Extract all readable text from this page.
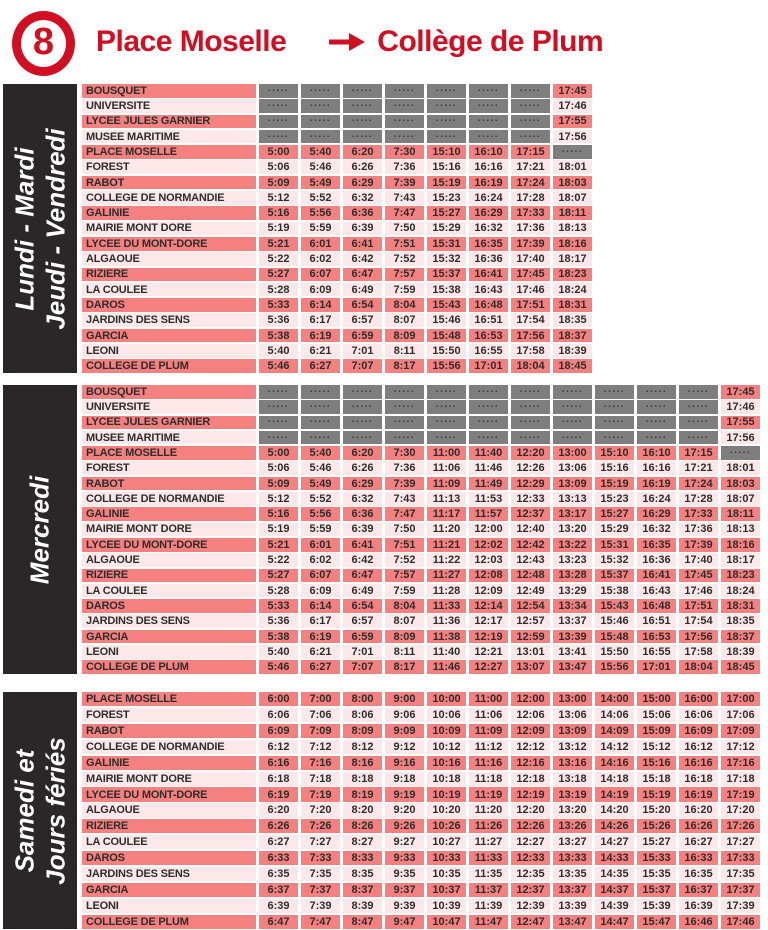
8 Place Moselle	Collège de Plum
Lundi - Mardi
Jeudi - Vendredi
BOUSQUET	..... ..... ..... ..... ..... ..... .....	17:45
UNIVERSITE	..... ..... ..... ..... ..... ..... .....	17:46
LYCEE JULES GARNIER	..... ..... ..... ..... ..... ..... .....	17:55
MUSEE MARITIME	..... ..... ..... ..... ..... ..... .....	17:56
PLACE MOSELLE	5:00	5:40	6:20	7:30	15:10	16:10	17:15	.....
FOREST	5:06	5:46	6:26	7:36	15:16	16:16	17:21	18:01
RABOT	5:09	5:49	6:29	7:39	15:19	16:19	17:24	18:03
COLLEGE DE NORMANDIE	5:12	5:52	6:32	7:43	15:23	16:24	17:28	18:07
GALINIE	5:16	5:56	6:36	7:47	15:27	16:29	17:33	18:11
MAIRIE MONT DORE	5:19	5:59	6:39	7:50	15:29	16:32	17:36	18:13
LYCEE DU MONT-DORE	5:21	6:01	6:41	7:51	15:31	16:35	17:39	18:16
ALGAOUE	5:22	6:02	6:42	7:52	15:32	16:36	17:40	18:17
RIZIERE	5:27	6:07	6:47	7:57	15:37	16:41	17:45	18:23
LA COULEE	5:28	6:09	6:49	7:59	15:38	16:43	17:46	18:24
DAROS	5:33	6:14	6:54	8:04	15:43	16:48	17:51	18:31
JARDINS DES SENS	5:36	6:17	6:57	8:07	15:46	16:51	17:54	18:35
GARCIA	5:38	6:19	6:59	8:09	15:48	16:53	17:56	18:37
LEONI	5:40	6:21	7:01	8:11	15:50	16:55	17:58	18:39
COLLEGE DE PLUM	5:46	6:27	7:07	8:17	15:56	17:01	18:04	18:45
Mercredi
BOUSQUET	..... ..... ..... ..... ..... ..... ..... ..... ..... ..... .....	17:45
UNIVERSITE	..... ..... ..... ..... ..... ..... ..... ..... ..... ..... .....	17:46
LYCEE JULES GARNIER	..... ..... ..... ..... ..... ..... ..... ..... ..... ..... .....	17:55
MUSEE MARITIME	..... ..... ..... ..... ..... ..... ..... ..... ..... ..... .....	17:56
PLACE MOSELLE	5:00	5:40	6:20	7:30	11:00	11:40	12:20	13:00	15:10	16:10	17:15	.....
FOREST	5:06	5:46	6:26	7:36	11:06	11:46	12:26	13:06	15:16	16:16	17:21	18:01
RABOT	5:09	5:49	6:29	7:39	11:09	11:49	12:29	13:09	15:19	16:19	17:24	18:03
COLLEGE DE NORMANDIE	5:12	5:52	6:32	7:43	11:13	11:53	12:33	13:13	15:23	16:24	17:28	18:07
GALINIE	5:16	5:56	6:36	7:47	11:17	11:57	12:37	13:17	15:27	16:29	17:33	18:11
MAIRIE MONT DORE	5:19	5:59	6:39	7:50	11:20	12:00	12:40	13:20	15:29	16:32	17:36	18:13
LYCEE DU MONT-DORE	5:21	6:01	6:41	7:51	11:21	12:02	12:42	13:22	15:31	16:35	17:39	18:16
ALGAOUE	5:22	6:02	6:42	7:52	11:22	12:03	12:43	13:23	15:32	16:36	17:40	18:17
RIZIERE	5:27	6:07	6:47	7:57	11:27	12:08	12:48	13:28	15:37	16:41	17:45	18:23
LA COULEE	5:28	6:09	6:49	7:59	11:28	12:09	12:49	13:29	15:38	16:43	17:46	18:24
DAROS	5:33	6:14	6:54	8:04	11:33	12:14	12:54	13:34	15:43	16:48	17:51	18:31
JARDINS DES SENS	5:36	6:17	6:57	8:07	11:36	12:17	12:57	13:37	15:46	16:51	17:54	18:35
GARCIA	5:38	6:19	6:59	8:09	11:38	12:19	12:59	13:39	15:48	16:53	17:56	18:37
LEONI	5:40	6:21	7:01	8:11	11:40	12:21	13:01	13:41	15:50	16:55	17:58	18:39
COLLEGE DE PLUM	5:46	6:27	7:07	8:17	11:46	12:27	13:07	13:47	15:56	17:01	18:04	18:45
Samedi et
Jours fériés
PLACE MOSELLE	6:00	7:00	8:00	9:00	10:00	11:00	12:00	13:00	14:00	15:00	16:00	17:00
FOREST	6:06	7:06	8:06	9:06	10:06	11:06	12:06	13:06	14:06	15:06	16:06	17:06
RABOT	6:09	7:09	8:09	9:09	10:09	11:09	12:09	13:09	14:09	15:09	16:09	17:09
COLLEGE DE NORMANDIE	6:12	7:12	8:12	9:12	10:12	11:12	12:12	13:12	14:12	15:12	16:12	17:12
GALINIE	6:16	7:16	8:16	9:16	10:16	11:16	12:16	13:16	14:16	15:16	16:16	17:16
MAIRIE MONT DORE	6:18	7:18	8:18	9:18	10:18	11:18	12:18	13:18	14:18	15:18	16:18	17:18
LYCEE DU MONT-DORE	6:19	7:19	8:19	9:19	10:19	11:19	12:19	13:19	14:19	15:19	16:19	17:19
ALGAOUE	6:20	7:20	8:20	9:20	10:20	11:20	12:20	13:20	14:20	15:20	16:20	17:20
RIZIERE	6:26	7:26	8:26	9:26	10:26	11:26	12:26	13:26	14:26	15:26	16:26	17:26
LA COULEE	6:27	7:27	8:27	9:27	10:27	11:27	12:27	13:27	14:27	15:27	16:27	17:27
DAROS	6:33	7:33	8:33	9:33	10:33	11:33	12:33	13:33	14:33	15:33	16:33	17:33
JARDINS DES SENS	6:35	7:35	8:35	9:35	10:35	11:35	12:35	13:35	14:35	15:35	16:35	17:35
GARCIA	6:37	7:37	8:37	9:37	10:37	11:37	12:37	13:37	14:37	15:37	16:37	17:37
LEONI	6:39	7:39	8:39	9:39	10:39	11:39	12:39	13:39	14:39	15:39	16:39	17:39
COLLEGE DE PLUM	6:47	7:47	8:47	9:47	10:47	11:47	12:47	13:47	14:47	15:47	16:46	17:46
